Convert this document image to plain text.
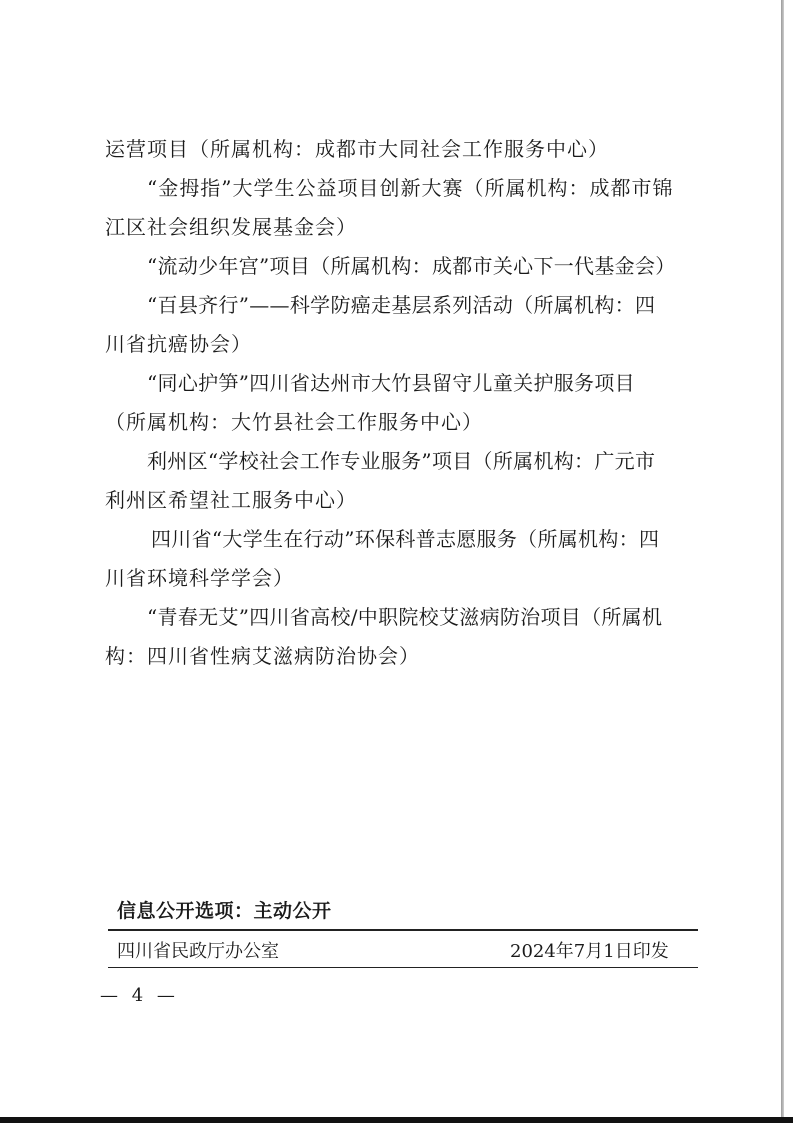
运营项目（所属机构：成都市大同社会工作服务中心）
“金拇指”大学生公益项目创新大赛（所属机构：成都市锦
江区社会组织发展基金会）
“流动少年宫”项目（所属机构：成都市关心下一代基金会）
“百县齐行”——科学防癌走基层系列活动（所属机构：四
川省抗癌协会）
“同心护笋”四川省达州市大竹县留守儿童关护服务项目
（所属机构：大竹县社会工作服务中心）
利州区“学校社会工作专业服务”项目（所属机构：广元市
利州区希望社工服务中心）
四川省“大学生在行动”环保科普志愿服务（所属机构：四
川省环境科学学会）
“青春无艾”四川省高校/中职院校艾滋病防治项目（所属机
构：四川省性病艾滋病防治协会）
信息公开选项：主动公开
四川省民政厅办公室	2024年7月1日印发
— 4 —
